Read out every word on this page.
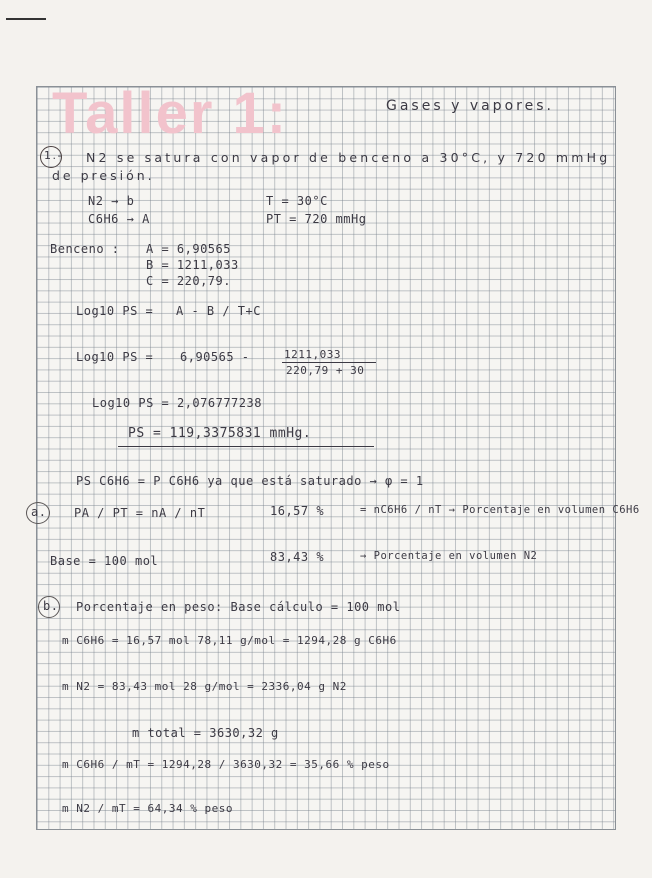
Taller 1:	Gases y vapores.
1.- N2 se satura con vapor de benceno a 30°C, y 720 mmHg
de presión.
N2 → b
C6H6 → A
T = 30°C
PT = 720 mmHg
Benceno : A = 6,90565
B = 1211,033
C = 220,79.
Log10 PS = A - B / T+C
Log10 PS = 6,90565 -	1211,033
220,79 + 30
Log10 PS = 2,076777238
PS = 119,3375831 mmHg.
PS C6H6 = P C6H6 ya que está saturado → φ = 1
a. PA / PT = nA / nT	16,57 %	= nC6H6 / nT → Porcentaje en volumen C6H6
Base = 100 mol	83,43 %	→ Porcentaje en volumen N2
b. Porcentaje en peso: Base cálculo = 100 mol
m C6H6 = 16,57 mol 78,11 g/mol = 1294,28 g C6H6
m N2 = 83,43 mol 28 g/mol = 2336,04 g N2
m total = 3630,32 g
m C6H6 / mT = 1294,28 / 3630,32 = 35,66 % peso
m N2 / mT = 64,34 % peso
